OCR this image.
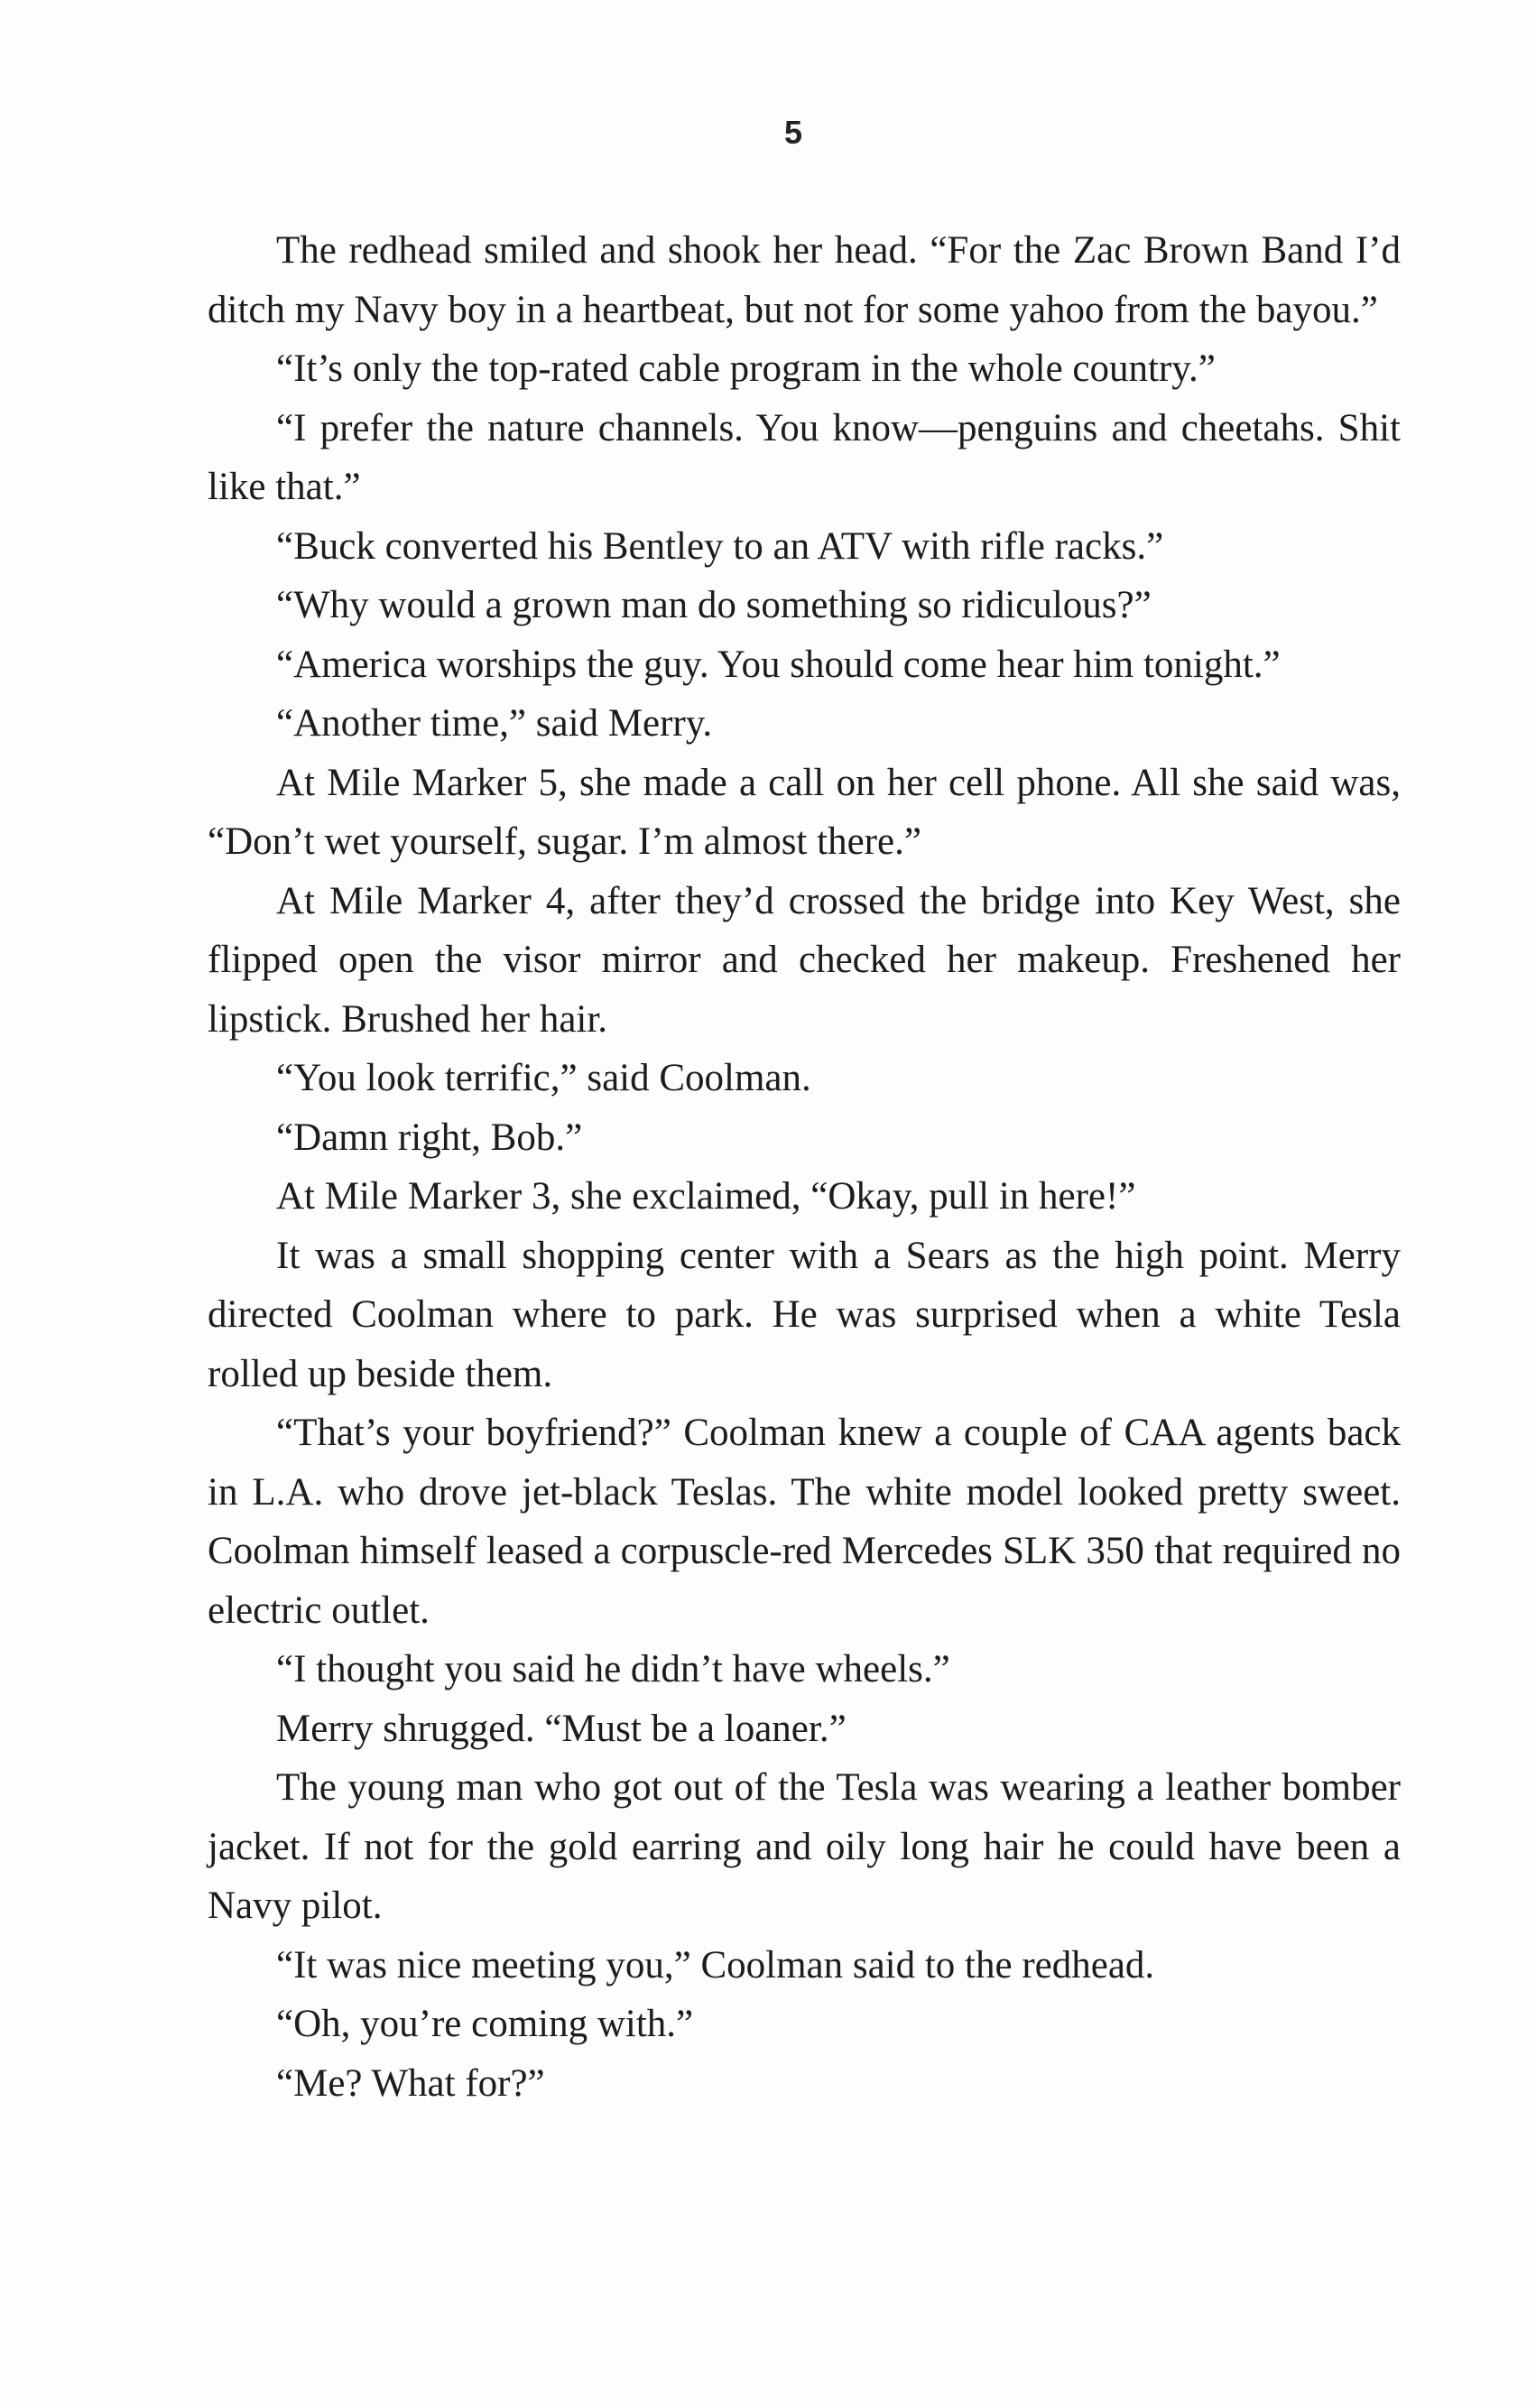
5

The redhead smiled and shook her head. “For the Zac Brown Band I’d ditch my Navy boy in a heartbeat, but not for some yahoo from the bayou.”

“It’s only the top-rated cable program in the whole country.”

“I prefer the nature channels. You know—penguins and cheetahs. Shit like that.”

“Buck converted his Bentley to an ATV with rifle racks.”

“Why would a grown man do something so ridiculous?”

“America worships the guy. You should come hear him tonight.”

“Another time,” said Merry.

At Mile Marker 5, she made a call on her cell phone. All she said was, “Don’t wet yourself, sugar. I’m almost there.”

At Mile Marker 4, after they’d crossed the bridge into Key West, she flipped open the visor mirror and checked her makeup. Freshened her lipstick. Brushed her hair.

“You look terrific,” said Coolman.

“Damn right, Bob.”

At Mile Marker 3, she exclaimed, “Okay, pull in here!”

It was a small shopping center with a Sears as the high point. Merry directed Coolman where to park. He was surprised when a white Tesla rolled up beside them.

“That’s your boyfriend?” Coolman knew a couple of CAA agents back in L.A. who drove jet-black Teslas. The white model looked pretty sweet. Coolman himself leased a corpuscle-red Mercedes SLK 350 that required no electric outlet.

“I thought you said he didn’t have wheels.”

Merry shrugged. “Must be a loaner.”

The young man who got out of the Tesla was wearing a leather bomber jacket. If not for the gold earring and oily long hair he could have been a Navy pilot.

“It was nice meeting you,” Coolman said to the redhead.

“Oh, you’re coming with.”

“Me? What for?”
